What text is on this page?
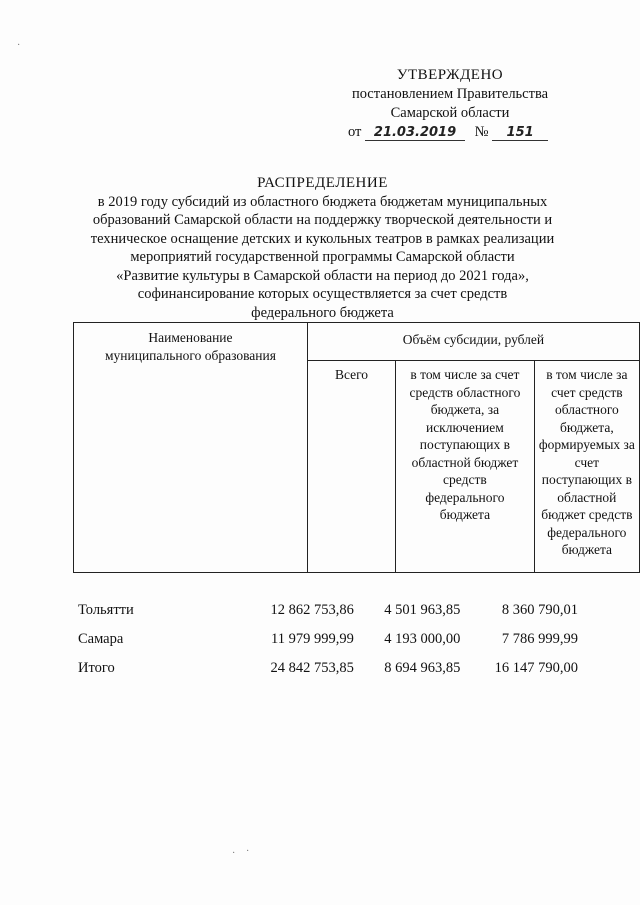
УТВЕРЖДЕНО
постановлением Правительства
Самарской области
от 21.03.2019 № 151
РАСПРЕДЕЛЕНИЕ
в 2019 году субсидий из областного бюджета бюджетам муниципальных
образований Самарской области на поддержку творческой деятельности и
техническое оснащение детских и кукольных театров в рамках реализации
мероприятий государственной программы Самарской области
«Развитие культуры в Самарской области на период до 2021 года»,
софинансирование которых осуществляется за счет средств
федерального бюджета
Наименование муниципального образования	Объём субсидии, рублей		
	Всего	в том числе за счет средств областного бюджета, за исключением поступающих в областной бюджет средств федерального бюджета	в том числе за счет средств областного бюджета, формируемых за счет поступающих в областной бюджет средств федерального бюджета
Тольятти	12 862 753,86	4 501 963,85	8 360 790,01
Самара	11 979 999,99	4 193 000,00	7 786 999,99
Итого	24 842 753,85	8 694 963,85	16 147 790,00
·
· ·
